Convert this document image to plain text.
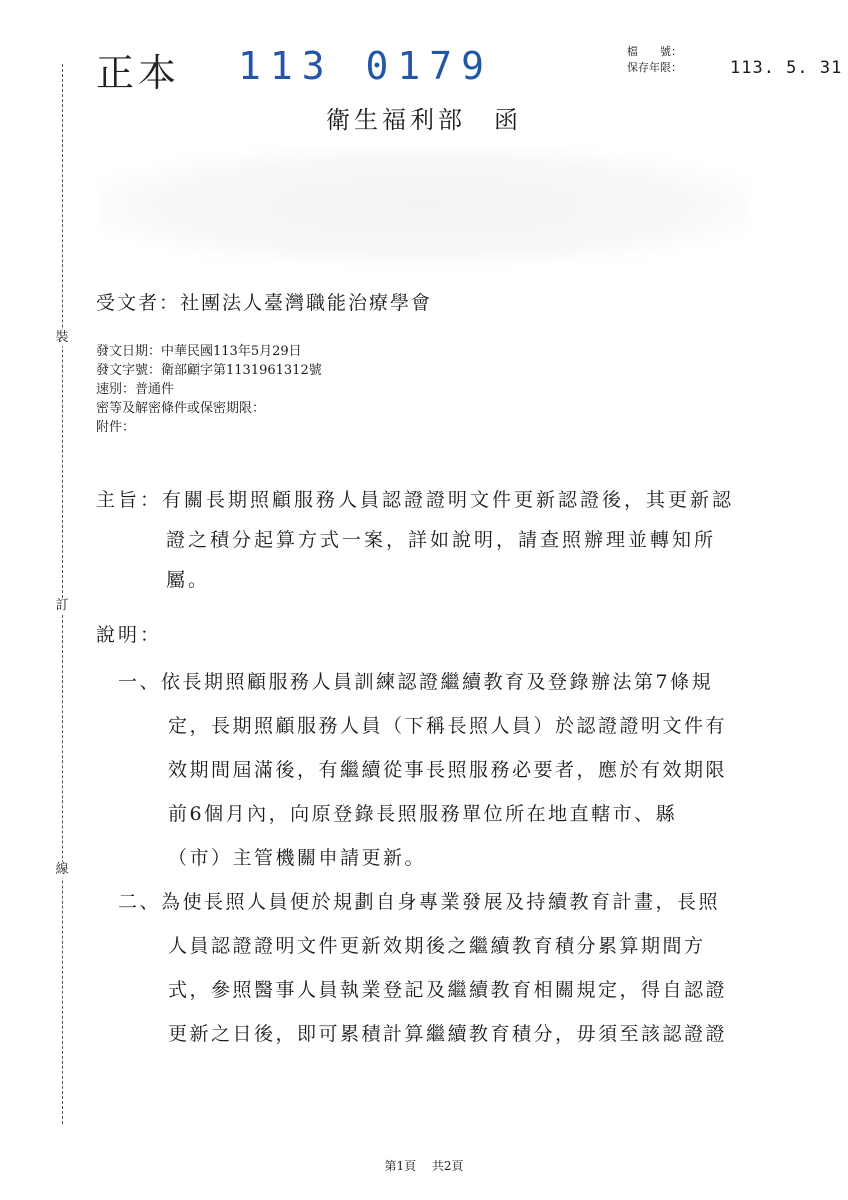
裝
訂
線
正本 113 0179	檔　　號：
保存年限：	113. 5. 31
衛生福利部　函
受文者：社團法人臺灣職能治療學會
發文日期：中華民國113年5月29日
發文字號：衛部顧字第1131961312號
速別：普通件
密等及解密條件或保密期限：
附件：
主旨：有關長期照顧服務人員認證證明文件更新認證後，其更新認
證之積分起算方式一案，詳如說明，請查照辦理並轉知所
屬。
說明：
一、依長期照顧服務人員訓練認證繼續教育及登錄辦法第7條規
定，長期照顧服務人員（下稱長照人員）於認證證明文件有
效期間屆滿後，有繼續從事長照服務必要者，應於有效期限
前6個月內，向原登錄長照服務單位所在地直轄市、縣
（市）主管機關申請更新。
二、為使長照人員便於規劃自身專業發展及持續教育計畫，長照
人員認證證明文件更新效期後之繼續教育積分累算期間方
式，參照醫事人員執業登記及繼續教育相關規定，得自認證
更新之日後，即可累積計算繼續教育積分，毋須至該認證證
第1頁 共2頁
